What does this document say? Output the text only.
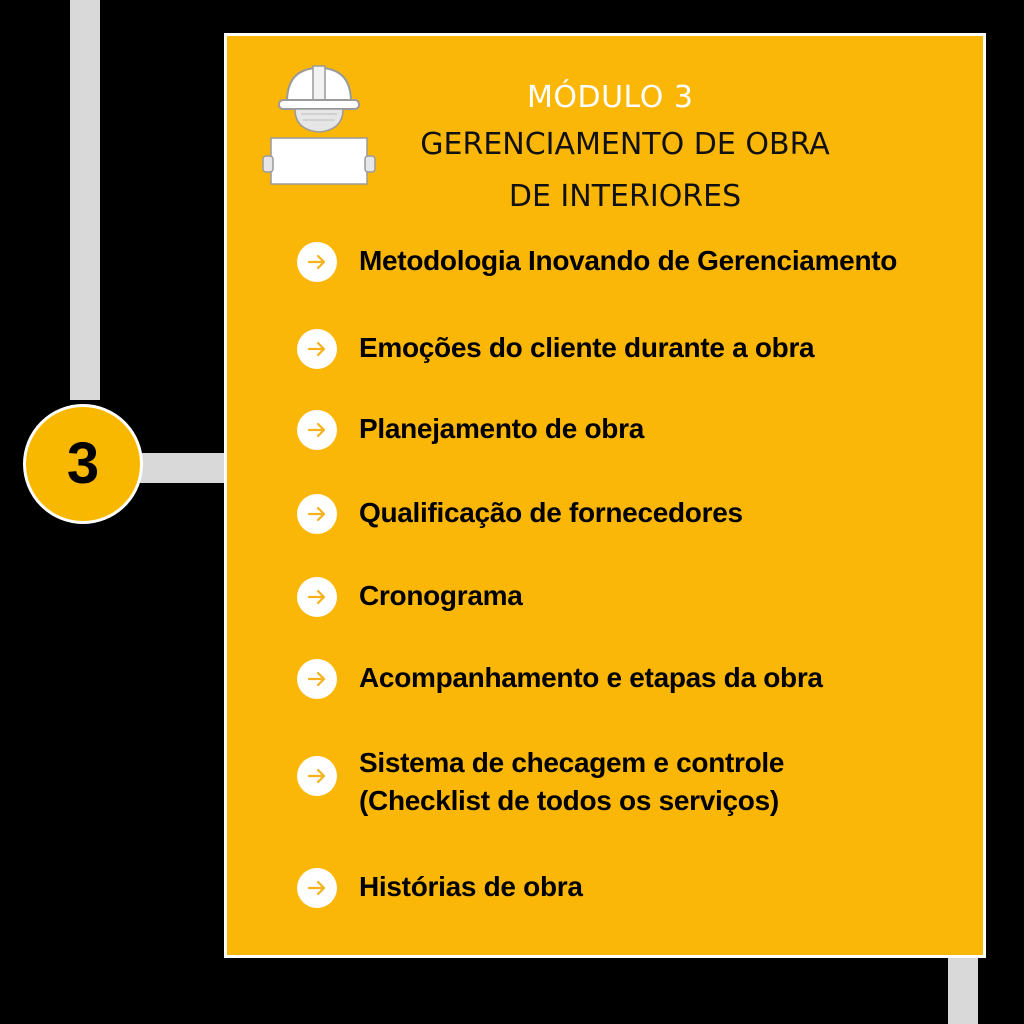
3
MÓDULO 3
GERENCIAMENTO DE OBRA
DE INTERIORES
Metodologia Inovando de Gerenciamento
Emoções do cliente durante a obra
Planejamento de obra
Qualificação de fornecedores
Cronograma
Acompanhamento e etapas da obra
Sistema de checagem e controle
(Checklist de todos os serviços)
Histórias de obra
